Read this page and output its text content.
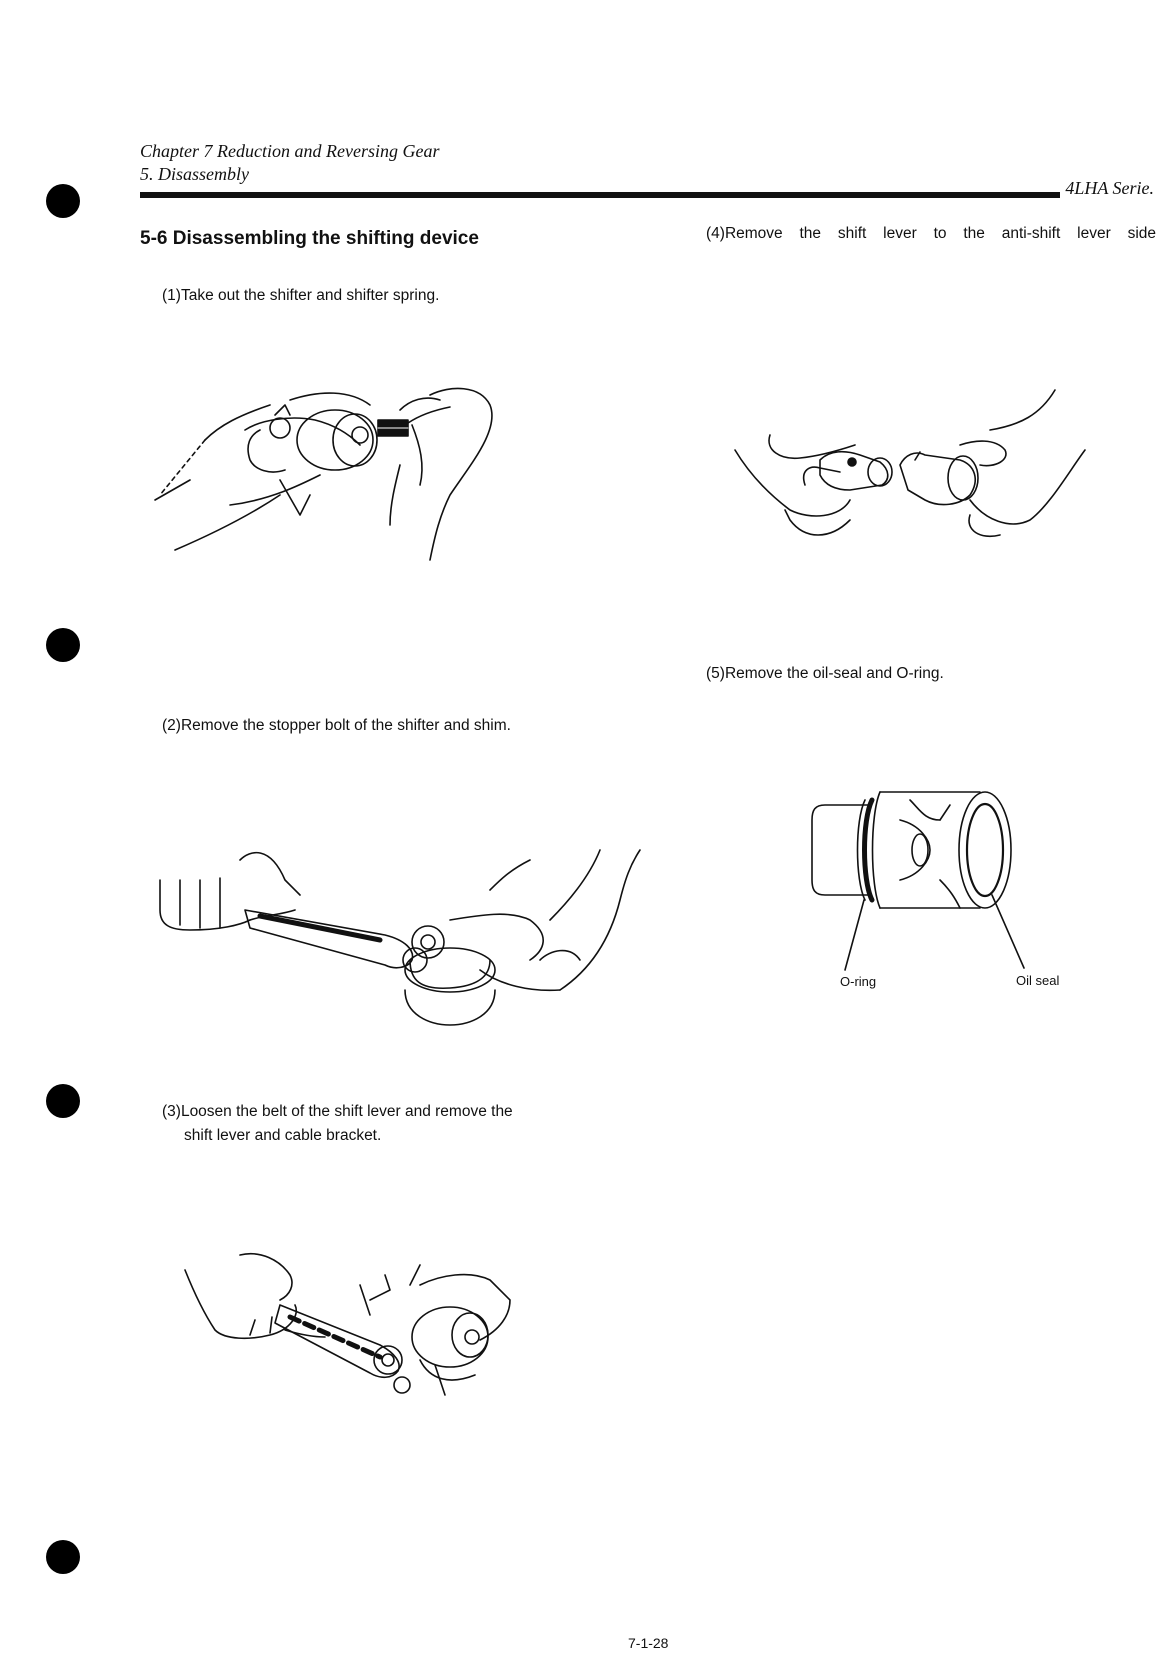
Chapter 7 Reduction and Reversing Gear
5. Disassembly
4LHA Serie.
5-6 Disassembling the shifting device
(1)Take out the shifter and shifter spring.
(2)Remove the stopper bolt of the shifter and shim.
(3)Loosen the belt of the shift lever and remove the
shift lever and cable bracket.
(4)Remove the shift lever to the anti-shift lever side
(5)Remove the oil-seal and O-ring.
O-ring	Oil seal
7-1-28
